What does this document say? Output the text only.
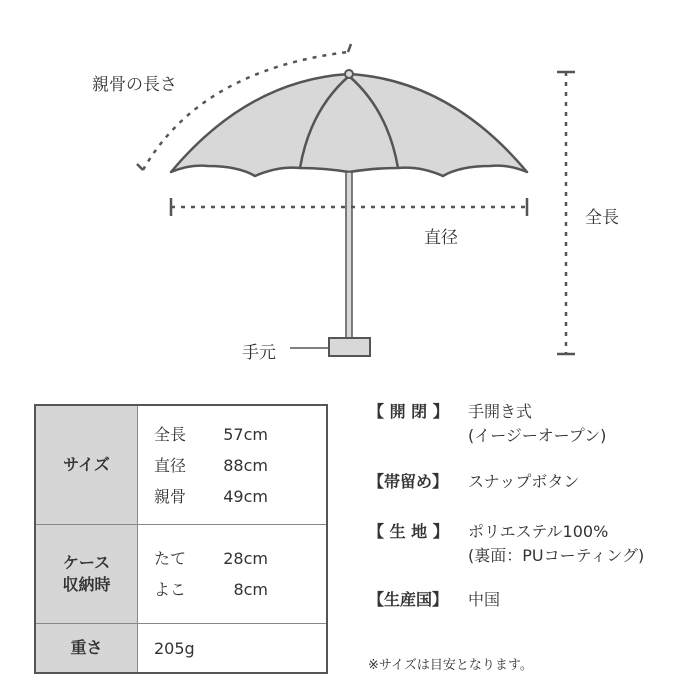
親骨の長さ
直径
全長
手元
サイズ
全長	57cm
直径	88cm
親骨	49cm
ケース
収納時
たて	28cm
よこ	8cm
重さ	205g
【 開 閉 】	手開き式
(イージーオープン)
【帯留め】	スナップボタン
【 生 地 】	ポリエステル100%
(裏面：PUコーティング)
【生産国】	中国
※サイズは目安となります。
